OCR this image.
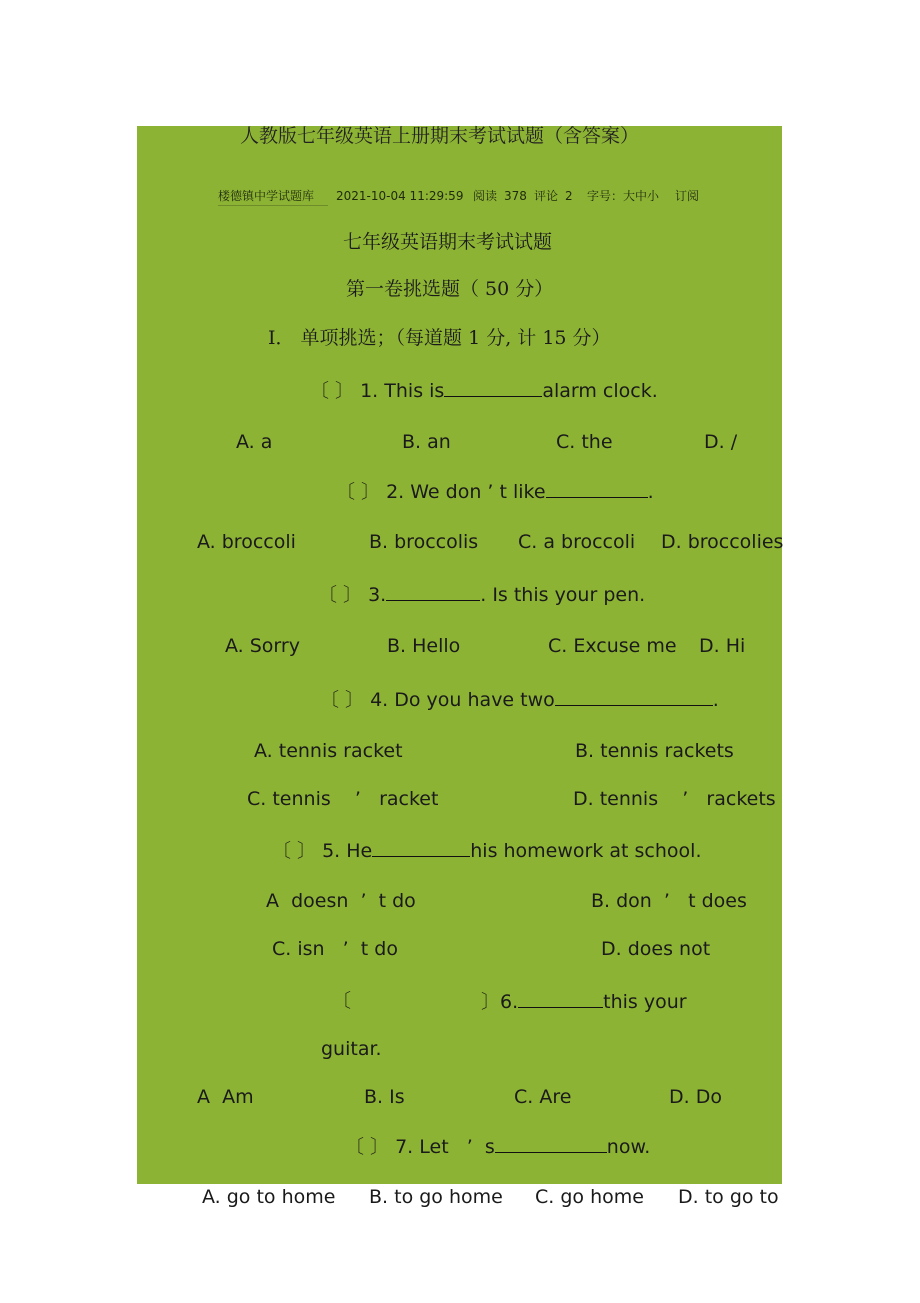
人教版七年级英语上册期末考试试题（含答案）
楼德镇中学试题库 2021-10-04 11:29:59 阅读 378 评论 2 字号：大中小 订阅
七年级英语期末考试试题
第一卷挑选题（ 50 分）
I． 单项挑选；（每道题 1 分, 计 15 分）
〔 〕 1. This is	alarm clock.
A. a	B. an	C. the	D. /
〔 〕 2. We don ’ t like	.
A. broccoli	B. broccolis C. a broccoli D. broccolies
〔 〕 3.	. Is this your pen.
A. Sorry	B. Hello	C. Excuse me D. Hi
〔 〕 4. Do you have two	.
A. tennis racket	B. tennis rackets
C. tennis    ’   racket	D. tennis    ’   rackets
〔 〕 5. He	his homework at school.
A  doesn  ’  t do	B. don  ’   t does
C. isn   ’  t do	D. does not
〔	〕6.	this your
guitar.
A  Am	B. Is	C. Are	D. Do
〔 〕 7. Let   ’  s	now.
A. go to home B. to go home C. go home D. to go to
